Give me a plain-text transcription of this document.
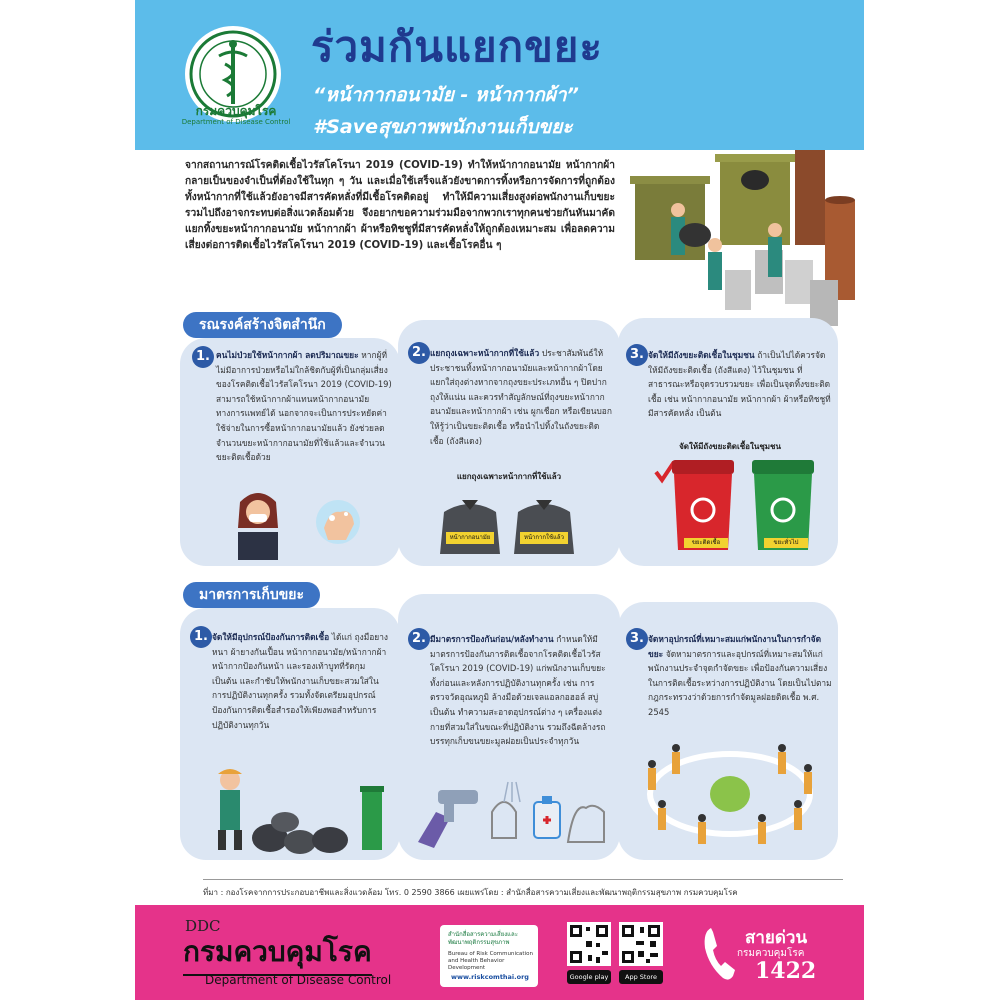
กรมควบคุมโรค
Department of Disease Control
ร่วมกันแยกขยะ
“หน้ากากอนามัย - หน้ากากผ้า”
#Saveสุขภาพพนักงานเก็บขยะ
จากสถานการณ์โรคติดเชื้อไวรัสโคโรนา 2019 (COVID-19) ทำให้หน้ากากอนามัย หน้ากากผ้า กลายเป็นของจำเป็นที่ต้องใช้ในทุก ๆ วัน และเมื่อใช้เสร็จแล้วยังขาดการทิ้งหรือการจัดการที่ถูกต้อง ทั้งหน้ากากที่ใช้แล้วยังอาจมีสารคัดหลั่งที่มีเชื้อโรคติดอยู่ ทำให้มีความเสี่ยงสูงต่อพนักงานเก็บขยะ รวมไปถึงอาจกระทบต่อสิ่งแวดล้อมด้วย จึงอยากขอความร่วมมือจากพวกเราทุกคนช่วยกันหันมาคัดแยกทิ้งขยะหน้ากากอนามัย หน้ากากผ้า ผ้าหรือทิชชูที่มีสารคัดหลั่งให้ถูกต้องเหมาะสม เพื่อลดความเสี่ยงต่อการติดเชื้อไวรัสโคโรนา 2019 (COVID-19) และเชื้อโรคอื่น ๆ
รณรงค์สร้างจิตสำนึก
1. คนไม่ป่วยใช้หน้ากากผ้า ลดปริมาณขยะ หากผู้ที่ไม่มีอาการป่วยหรือไม่ใกล้ชิดกับผู้ที่เป็นกลุ่มเสี่ยงของโรคติดเชื้อไวรัสโคโรนา 2019 (COVID-19) สามารถใช้หน้ากากผ้าแทนหน้ากากอนามัยทางการแพทย์ได้ นอกจากจะเป็นการประหยัดค่าใช้จ่ายในการซื้อหน้ากากอนามัยแล้ว ยังช่วยลดจำนวนขยะหน้ากากอนามัยที่ใช้แล้วและจำนวนขยะติดเชื้อด้วย
2. แยกถุงเฉพาะหน้ากากที่ใช้แล้ว ประชาสัมพันธ์ให้ประชาชนทิ้งหน้ากากอนามัยและหน้ากากผ้าโดยแยกใส่ถุงต่างหากจากถุงขยะประเภทอื่น ๆ ปิดปากถุงให้แน่น และควรทำสัญลักษณ์ที่ถุงขยะหน้ากากอนามัยและหน้ากากผ้า เช่น ผูกเชือก หรือเขียนบอกให้รู้ว่าเป็นขยะติดเชื้อ หรือนำไปทิ้งในถังขยะติดเชื้อ (ถังสีแดง)
แยกถุงเฉพาะหน้ากากที่ใช้แล้ว
หน้ากากอนามัย	หน้ากากใช้แล้ว
3. จัดให้มีถังขยะติดเชื้อในชุมชน ถ้าเป็นไปได้ควรจัดให้มีถังขยะติดเชื้อ (ถังสีแดง) ไว้ในชุมชน ที่สาธารณะหรือจุดรวบรวมขยะ เพื่อเป็นจุดทิ้งขยะติดเชื้อ เช่น หน้ากากอนามัย หน้ากากผ้า ผ้าหรือทิชชูที่มีสารคัดหลั่ง เป็นต้น
จัดให้มีถังขยะติดเชื้อในชุมชน
ขยะติดเชื้อ	ขยะทั่วไป
มาตรการเก็บขยะ
1. จัดให้มีอุปกรณ์ป้องกันการติดเชื้อ ได้แก่ ถุงมือยางหนา ผ้ายางกันเปื้อน หน้ากากอนามัย/หน้ากากผ้า หน้ากากป้องกันหน้า และรองเท้าบูทที่รัดกุม เป็นต้น และกำชับให้พนักงานเก็บขยะสวมใส่ในการปฏิบัติงานทุกครั้ง รวมทั้งจัดเตรียมอุปกรณ์ป้องกันการติดเชื้อสำรองให้เพียงพอสำหรับการปฏิบัติงานทุกวัน
2. มีมาตรการป้องกันก่อน/หลังทำงาน กำหนดให้มีมาตรการป้องกันการติดเชื้อจากโรคติดเชื้อไวรัสโคโรนา 2019 (COVID-19) แก่พนักงานเก็บขยะทั้งก่อนและหลังการปฏิบัติงานทุกครั้ง เช่น การตรวจวัดอุณหภูมิ ล้างมือด้วยเจลแอลกอฮอล์ สบู่ เป็นต้น ทำความสะอาดอุปกรณ์ต่าง ๆ เครื่องแต่งกายที่สวมใส่ในขณะที่ปฏิบัติงาน รวมถึงฉีดล้างรถบรรทุกเก็บขนขยะมูลฝอยเป็นประจำทุกวัน
3. จัดหาอุปกรณ์ที่เหมาะสมแก่พนักงานในการกำจัดขยะ จัดหามาตรการและอุปกรณ์ที่เหมาะสมให้แก่พนักงานประจำจุดกำจัดขยะ เพื่อป้องกันความเสี่ยงในการติดเชื้อระหว่างการปฏิบัติงาน โดยเป็นไปตามกฎกระทรวงว่าด้วยการกำจัดมูลฝอยติดเชื้อ พ.ศ. 2545
ที่มา : กองโรคจากการประกอบอาชีพและสิ่งแวดล้อม โทร. 0 2590 3866 เผยแพร่โดย : สำนักสื่อสารความเสี่ยงและพัฒนาพฤติกรรมสุขภาพ กรมควบคุมโรค
DDC
กรมควบคุมโรค
Department of Disease Control
สำนักสื่อสารความเสี่ยงและพัฒนาพฤติกรรมสุขภาพ
Bureau of Risk Communication and Health Behavior Development
www.riskcomthai.org	Google play	App Store
สายด่วน
กรมควบคุมโรค
1422
